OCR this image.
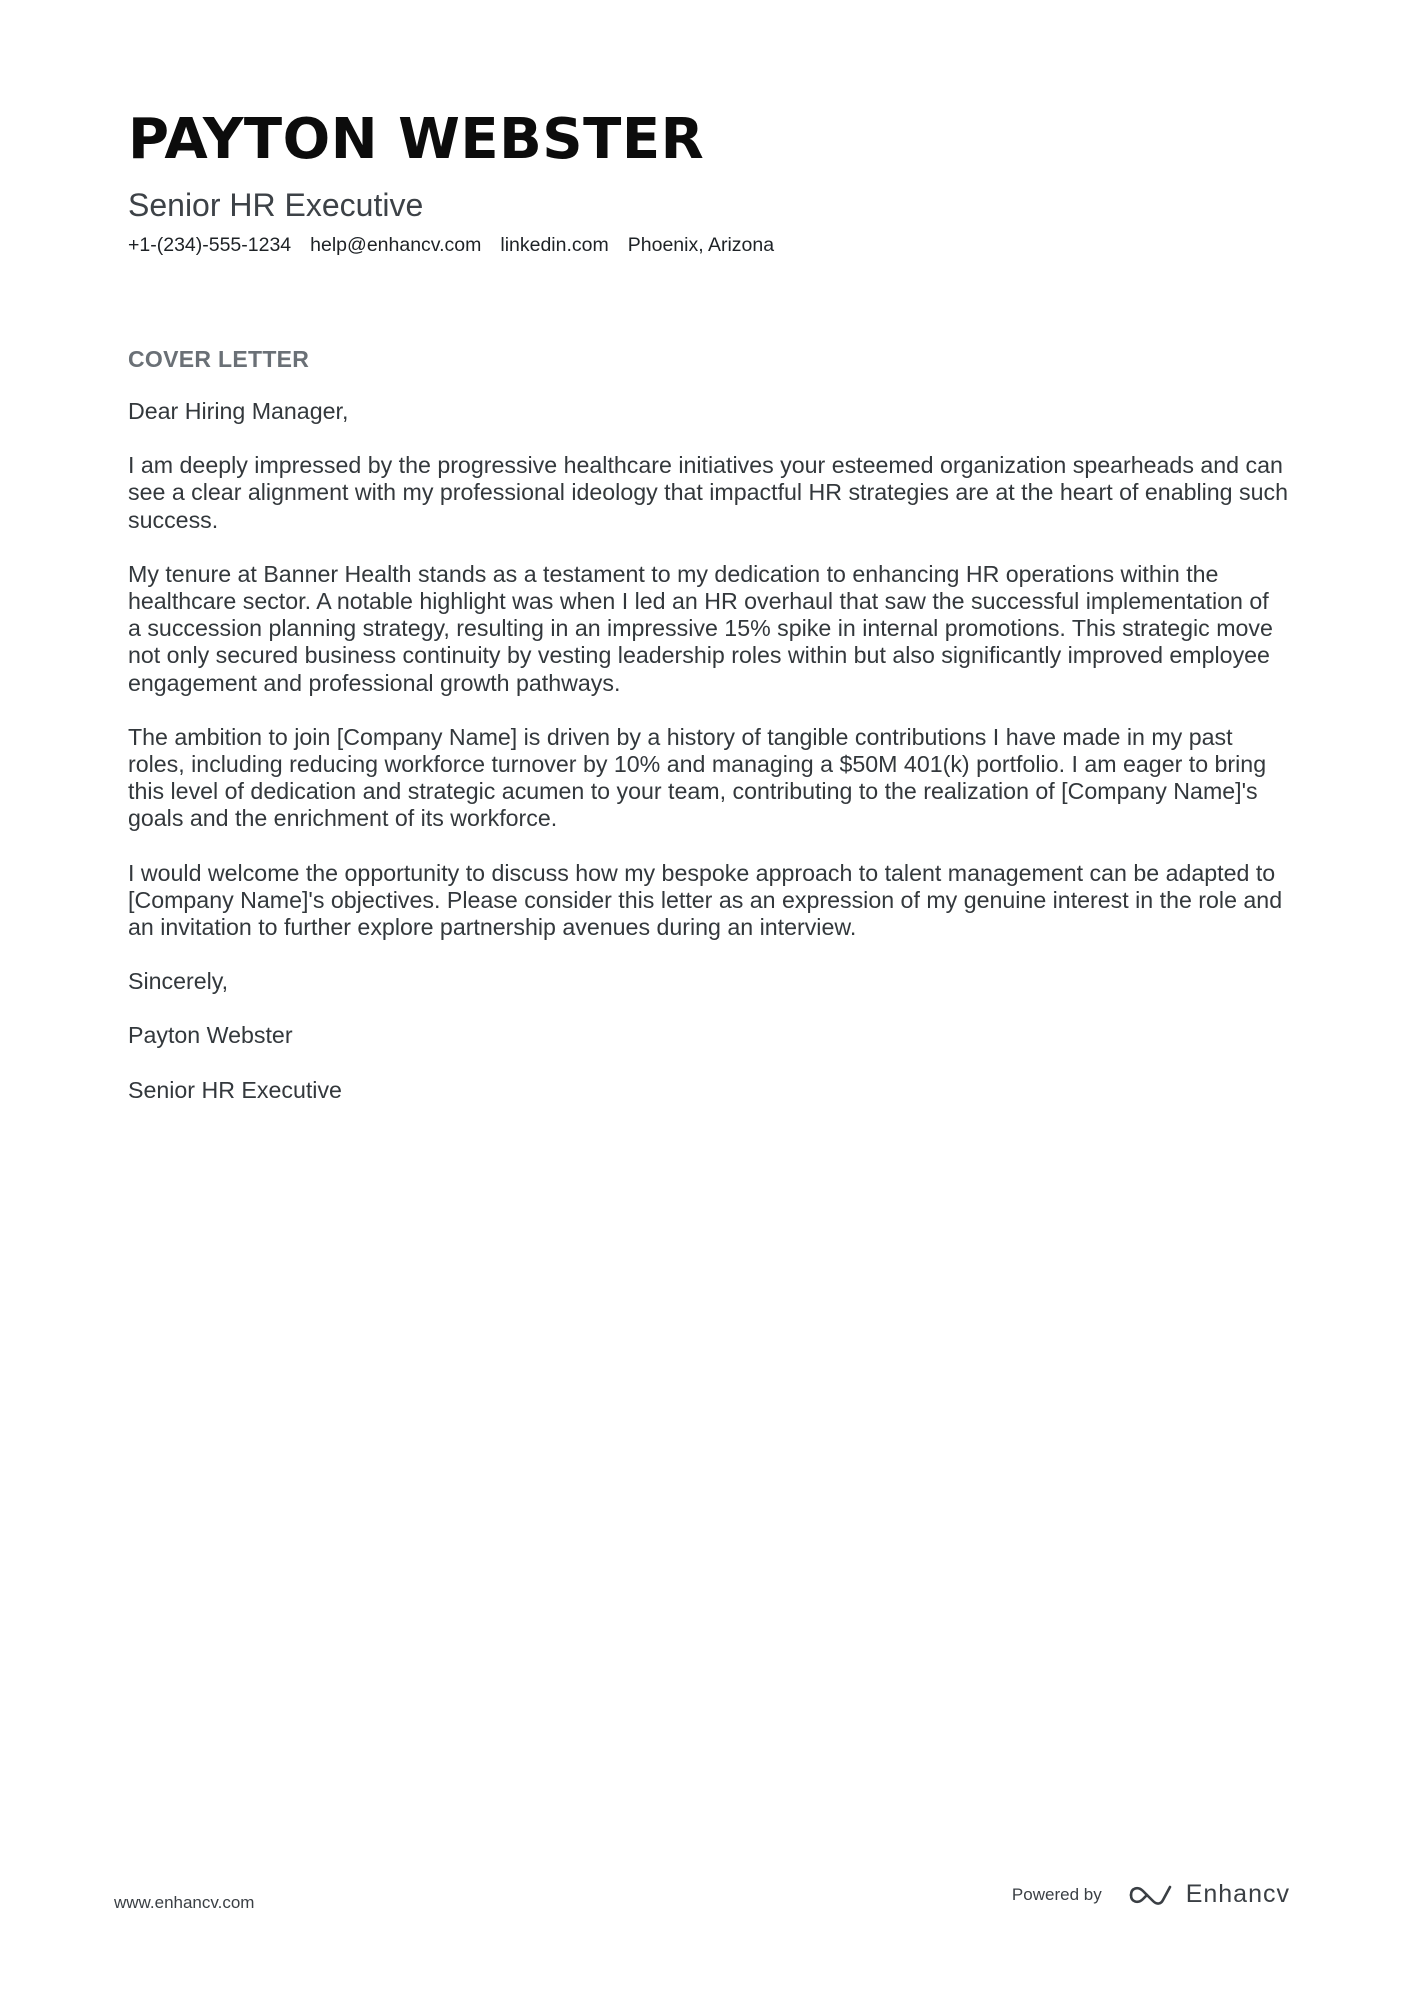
PAYTON WEBSTER
Senior HR Executive
+1-(234)-555-1234 help@enhancv.com linkedin.com Phoenix, Arizona
COVER LETTER

Dear Hiring Manager,

I am deeply impressed by the progressive healthcare initiatives your esteemed organization spearheads and can see a clear alignment with my professional ideology that impactful HR strategies are at the heart of enabling such success.

My tenure at Banner Health stands as a testament to my dedication to enhancing HR operations within the healthcare sector. A notable highlight was when I led an HR overhaul that saw the successful implementation of a succession planning strategy, resulting in an impressive 15% spike in internal promotions. This strategic move not only secured business continuity by vesting leadership roles within but also significantly improved employee engagement and professional growth pathways.

The ambition to join [Company Name] is driven by a history of tangible contributions I have made in my past roles, including reducing workforce turnover by 10% and managing a $50M 401(k) portfolio. I am eager to bring this level of dedication and strategic acumen to your team, contributing to the realization of [Company Name]'s goals and the enrichment of its workforce.

I would welcome the opportunity to discuss how my bespoke approach to talent management can be adapted to [Company Name]'s objectives. Please consider this letter as an expression of my genuine interest in the role and an invitation to further explore partnership avenues during an interview.

Sincerely,

Payton Webster

Senior HR Executive

www.enhancv.com	Powered by	Enhancv
